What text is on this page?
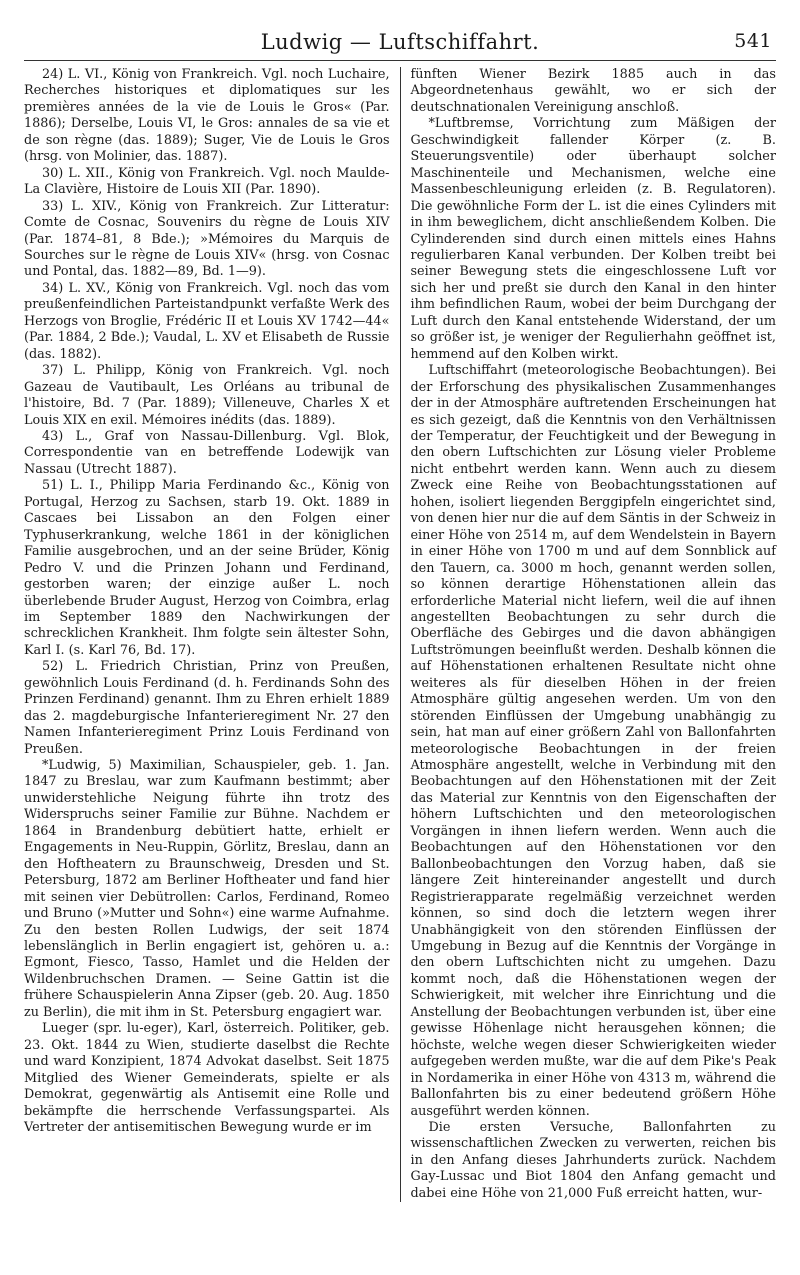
Ludwig — Luftschiffahrt.	541

24) L. VI., König von Frankreich. Vgl. noch Luchaire, Recherches historiques et diplomatiques sur les premières années de la vie de Louis le Gros« (Par. 1886); Derselbe, Louis VI, le Gros: annales de sa vie et de son règne (das. 1889); Suger, Vie de Louis le Gros (hrsg. von Molinier, das. 1887).

30) L. XII., König von Frankreich. Vgl. noch Maulde-La Clavière, Histoire de Louis XII (Par. 1890).

33) L. XIV., König von Frankreich. Zur Litteratur: Comte de Cosnac, Souvenirs du règne de Louis XIV (Par. 1874–81, 8 Bde.); »Mémoires du Marquis de Sourches sur le règne de Louis XIV« (hrsg. von Cosnac und Pontal, das. 1882—89, Bd. 1—9).

34) L. XV., König von Frankreich. Vgl. noch das vom preußenfeindlichen Parteistandpunkt verfaßte Werk des Herzogs von Broglie, Frédéric II et Louis XV 1742—44« (Par. 1884, 2 Bde.); Vaudal, L. XV et Elisabeth de Russie (das. 1882).

37) L. Philipp, König von Frankreich. Vgl. noch Gazeau de Vautibault, Les Orléans au tribunal de l'histoire, Bd. 7 (Par. 1889); Villeneuve, Charles X et Louis XIX en exil. Mémoires inédits (das. 1889).

43) L., Graf von Nassau-Dillenburg. Vgl. Blok, Correspondentie van en betreffende Lodewijk van Nassau (Utrecht 1887).

51) L. I., Philipp Maria Ferdinando &c., König von Portugal, Herzog zu Sachsen, starb 19. Okt. 1889 in Cascaes bei Lissabon an den Folgen einer Typhuserkrankung, welche 1861 in der königlichen Familie ausgebrochen, und an der seine Brüder, König Pedro V. und die Prinzen Johann und Ferdinand, gestorben waren; der einzige außer L. noch überlebende Bruder August, Herzog von Coimbra, erlag im September 1889 den Nachwirkungen der schrecklichen Krankheit. Ihm folgte sein ältester Sohn, Karl I. (s. Karl 76, Bd. 17).

52) L. Friedrich Christian, Prinz von Preußen, gewöhnlich Louis Ferdinand (d. h. Ferdinands Sohn des Prinzen Ferdinand) genannt. Ihm zu Ehren erhielt 1889 das 2. magdeburgische Infanterieregiment Nr. 27 den Namen Infanterieregiment Prinz Louis Ferdinand von Preußen.

*Ludwig, 5) Maximilian, Schauspieler, geb. 1. Jan. 1847 zu Breslau, war zum Kaufmann bestimmt; aber unwiderstehliche Neigung führte ihn trotz des Widerspruchs seiner Familie zur Bühne. Nachdem er 1864 in Brandenburg debütiert hatte, erhielt er Engagements in Neu-Ruppin, Görlitz, Breslau, dann an den Hoftheatern zu Braunschweig, Dresden und St. Petersburg, 1872 am Berliner Hoftheater und fand hier mit seinen vier Debütrollen: Carlos, Ferdinand, Romeo und Bruno (»Mutter und Sohn«) eine warme Aufnahme. Zu den besten Rollen Ludwigs, der seit 1874 lebenslänglich in Berlin engagiert ist, gehören u. a.: Egmont, Fiesco, Tasso, Hamlet und die Helden der Wildenbruchschen Dramen. — Seine Gattin ist die frühere Schauspielerin Anna Zipser (geb. 20. Aug. 1850 zu Berlin), die mit ihm in St. Petersburg engagiert war.

Lueger (spr. lu-eger), Karl, österreich. Politiker, geb. 23. Okt. 1844 zu Wien, studierte daselbst die Rechte und ward Konzipient, 1874 Advokat daselbst. Seit 1875 Mitglied des Wiener Gemeinderats, spielte er als Demokrat, gegenwärtig als Antisemit eine Rolle und bekämpfte die herrschende Verfassungspartei. Als Vertreter der antisemitischen Bewegung wurde er im

fünften Wiener Bezirk 1885 auch in das Abgeordnetenhaus gewählt, wo er sich der deutschnationalen Vereinigung anschloß.

*Luftbremse, Vorrichtung zum Mäßigen der Geschwindigkeit fallender Körper (z. B. Steuerungsventile) oder überhaupt solcher Maschinenteile und Mechanismen, welche eine Massenbeschleunigung erleiden (z. B. Regulatoren). Die gewöhnliche Form der L. ist die eines Cylinders mit in ihm beweglichem, dicht anschließendem Kolben. Die Cylinderenden sind durch einen mittels eines Hahns regulierbaren Kanal verbunden. Der Kolben treibt bei seiner Bewegung stets die eingeschlossene Luft vor sich her und preßt sie durch den Kanal in den hinter ihm befindlichen Raum, wobei der beim Durchgang der Luft durch den Kanal entstehende Widerstand, der um so größer ist, je weniger der Regulierhahn geöffnet ist, hemmend auf den Kolben wirkt.

Luftschiffahrt (meteorologische Beobachtungen). Bei der Erforschung des physikalischen Zusammenhanges der in der Atmosphäre auftretenden Erscheinungen hat es sich gezeigt, daß die Kenntnis von den Verhältnissen der Temperatur, der Feuchtigkeit und der Bewegung in den obern Luftschichten zur Lösung vieler Probleme nicht entbehrt werden kann. Wenn auch zu diesem Zweck eine Reihe von Beobachtungsstationen auf hohen, isoliert liegenden Berggipfeln eingerichtet sind, von denen hier nur die auf dem Säntis in der Schweiz in einer Höhe von 2514 m, auf dem Wendelstein in Bayern in einer Höhe von 1700 m und auf dem Sonnblick auf den Tauern, ca. 3000 m hoch, genannt werden sollen, so können derartige Höhenstationen allein das erforderliche Material nicht liefern, weil die auf ihnen angestellten Beobachtungen zu sehr durch die Oberfläche des Gebirges und die davon abhängigen Luftströmungen beeinflußt werden. Deshalb können die auf Höhenstationen erhaltenen Resultate nicht ohne weiteres als für dieselben Höhen in der freien Atmosphäre gültig angesehen werden. Um von den störenden Einflüssen der Umgebung unabhängig zu sein, hat man auf einer größern Zahl von Ballonfahrten meteorologische Beobachtungen in der freien Atmosphäre angestellt, welche in Verbindung mit den Beobachtungen auf den Höhenstationen mit der Zeit das Material zur Kenntnis von den Eigenschaften der höhern Luftschichten und den meteorologischen Vorgängen in ihnen liefern werden. Wenn auch die Beobachtungen auf den Höhenstationen vor den Ballonbeobachtungen den Vorzug haben, daß sie längere Zeit hintereinander angestellt und durch Registrierapparate regelmäßig verzeichnet werden können, so sind doch die letztern wegen ihrer Unabhängigkeit von den störenden Einflüssen der Umgebung in Bezug auf die Kenntnis der Vorgänge in den obern Luftschichten nicht zu umgehen. Dazu kommt noch, daß die Höhenstationen wegen der Schwierigkeit, mit welcher ihre Einrichtung und die Anstellung der Beobachtungen verbunden ist, über eine gewisse Höhenlage nicht herausgehen können; die höchste, welche wegen dieser Schwierigkeiten wieder aufgegeben werden mußte, war die auf dem Pike's Peak in Nordamerika in einer Höhe von 4313 m, während die Ballonfahrten bis zu einer bedeutend größern Höhe ausgeführt werden können.

Die ersten Versuche, Ballonfahrten zu wissenschaftlichen Zwecken zu verwerten, reichen bis in den Anfang dieses Jahrhunderts zurück. Nachdem Gay-Lussac und Biot 1804 den Anfang gemacht und dabei eine Höhe von 21,000 Fuß erreicht hatten, wur-
